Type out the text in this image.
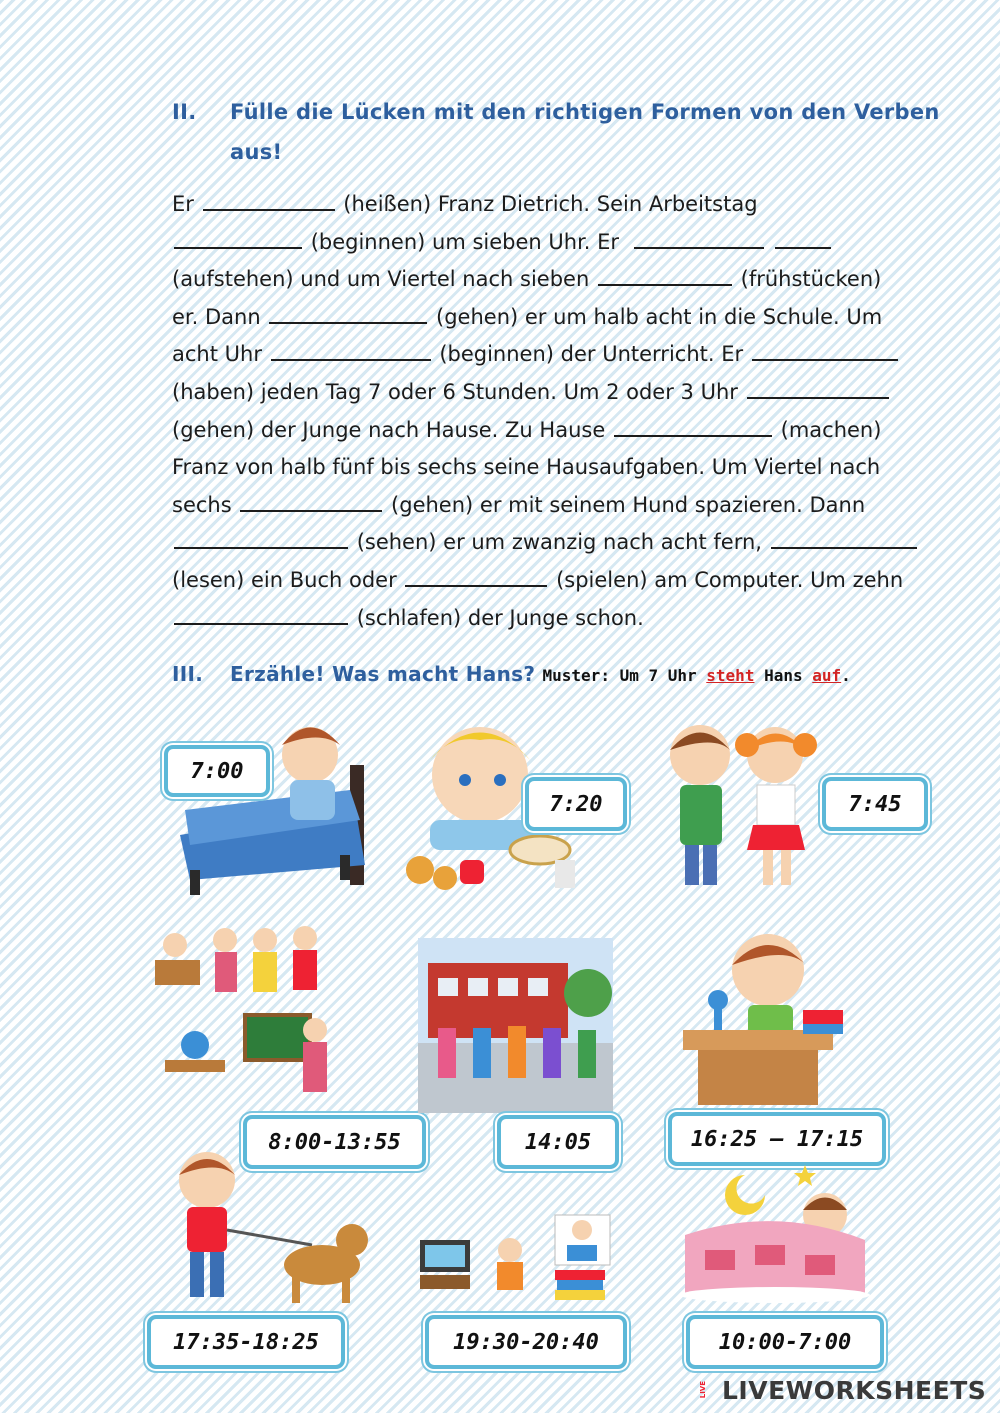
II. Fülle die Lücken mit den richtigen Formen von den Verben
aus!
Er	(heißen) Franz Dietrich. Sein Arbeitstag
(beginnen) um sieben Uhr. Er
(aufstehen) und um Viertel nach sieben	(frühstücken)
er. Dann	(gehen) er um halb acht in die Schule. Um
acht Uhr	(beginnen) der Unterricht. Er
(haben) jeden Tag 7 oder 6 Stunden. Um 2 oder 3 Uhr
(gehen) der Junge nach Hause. Zu Hause	(machen)
Franz von halb fünf bis sechs seine Hausaufgaben. Um Viertel nach
sechs	(gehen) er mit seinem Hund spazieren. Dann
(sehen) er um zwanzig nach acht fern,
(lesen) ein Buch oder	(spielen) am Computer. Um zehn
(schlafen) der Junge schon.
III. Erzähle! Was macht Hans? Muster: Um 7 Uhr steht Hans auf.
7:00
7:20	7:45
8:00-13:55	14:05	16:25 – 17:15
17:35-18:25	19:30-20:40	10:00-7:00
LIVE LIVEWORKSHEETS
